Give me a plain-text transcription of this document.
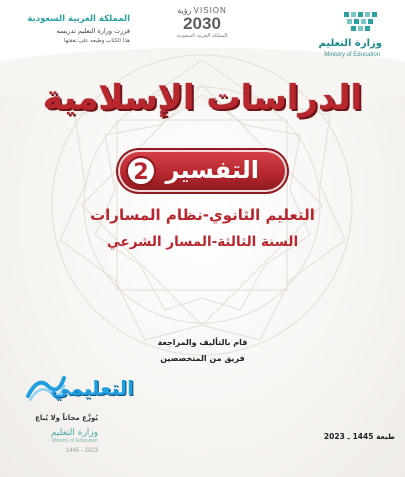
وزارة التعليم
Ministry of Education
رؤية VISION
2030
المملكة العربية السعودية
المملكة العربية السعودية
قررت وزارة التعليم تدريسه
هذا الكتاب وطبعه على نفقتها
الدراسات الإسلامية
التفسير
2
التعليم الثانوي-نظام المسارات
السنة الثالثة-المسار الشرعي
قام بالتأليف والمراجعة
فريق من المتخصصين
التعليمي
يُوزَّع مجاناً ولا يُباع
وزارة التعليم
Ministry of Education
2023 - 1445
طبعة 1445 ـ 2023
